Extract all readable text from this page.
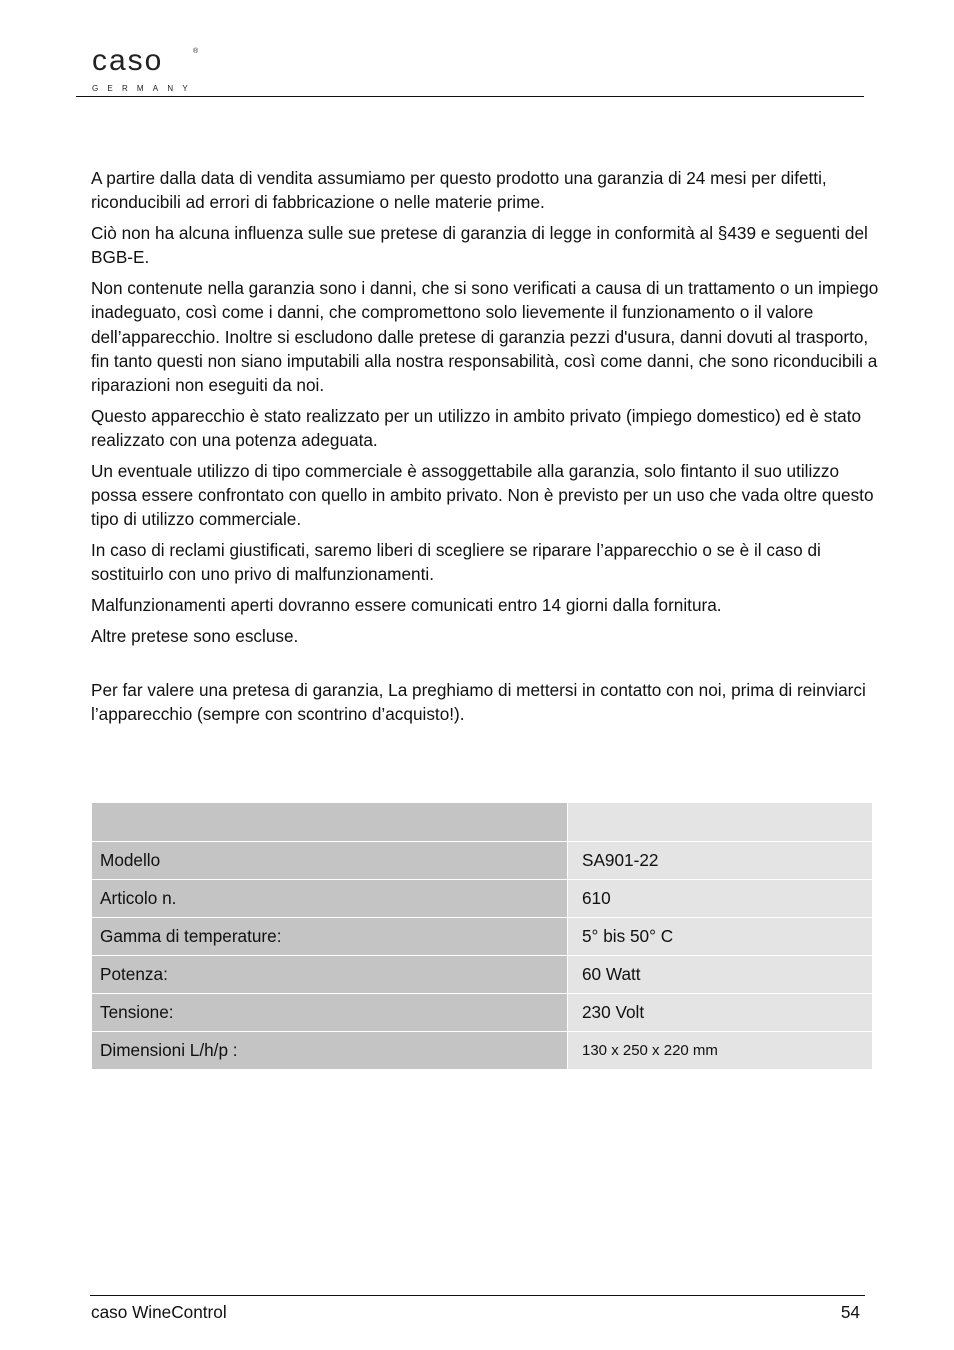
caso	®
GERMANY

A partire dalla data di vendita assumiamo per questo prodotto una garanzia di 24 mesi per difetti, riconducibili ad errori di fabbricazione o nelle materie prime.

Ciò non ha alcuna influenza sulle sue pretese di garanzia di legge in conformità al §439 e seguenti del BGB-E.

Non contenute nella garanzia sono i danni, che si sono verificati a causa di un trattamento o un impiego inadeguato, così come i danni, che compromettono solo lievemente il funzionamento o il valore dell’apparecchio. Inoltre si escludono dalle pretese di garanzia pezzi d'usura, danni dovuti al trasporto, fin tanto questi non siano imputabili alla nostra responsabilità, così come danni, che sono riconducibili a riparazioni non eseguiti da noi.

Questo apparecchio è stato realizzato per un utilizzo in ambito privato (impiego domestico) ed è stato realizzato con una potenza adeguata.

Un eventuale utilizzo di tipo commerciale è assoggettabile alla garanzia, solo fintanto il suo utilizzo possa essere confrontato con quello in ambito privato. Non è previsto per un uso che vada oltre questo tipo di utilizzo commerciale.

In caso di reclami giustificati, saremo liberi di scegliere se riparare l’apparecchio o se è il caso di sostituirlo con uno privo di malfunzionamenti.

Malfunzionamenti aperti dovranno essere comunicati entro 14 giorni dalla fornitura.

Altre pretese sono escluse.

Per far valere una pretesa di garanzia, La preghiamo di mettersi in contatto con noi, prima di reinviarci l’apparecchio (sempre con scontrino d’acquisto!).

Modello	SA901-22
Articolo n.	610
Gamma di temperature:	5° bis 50° C
Potenza:	60 Watt
Tensione:	230 Volt
Dimensioni L/h/p :	130 x 250 x 220 mm
caso WineControl	54
